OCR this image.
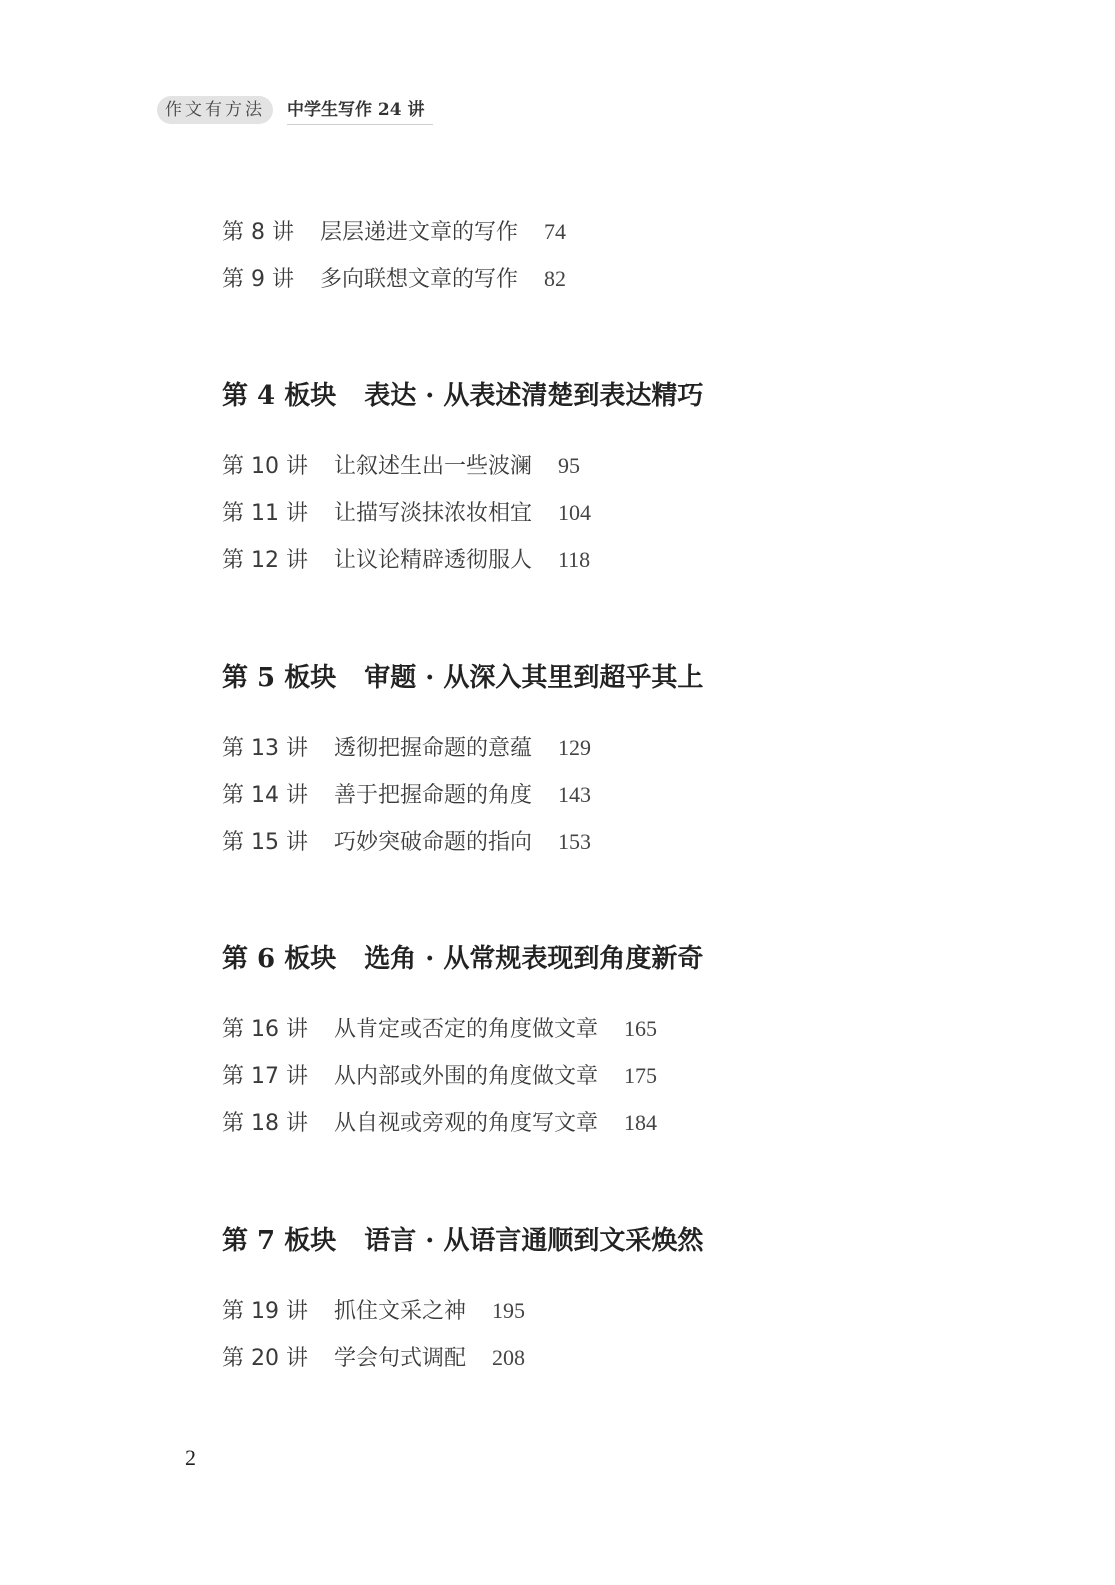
作文有方法	中学生写作 24 讲
第 8 讲 层层递进文章的写作 74
第 9 讲 多向联想文章的写作 82
第 4 板块 表达 · 从表述清楚到表达精巧
第 10 讲 让叙述生出一些波澜 95
第 11 讲 让描写淡抹浓妆相宜 104
第 12 讲 让议论精辟透彻服人 118
第 5 板块 审题 · 从深入其里到超乎其上
第 13 讲 透彻把握命题的意蕴 129
第 14 讲 善于把握命题的角度 143
第 15 讲 巧妙突破命题的指向 153
第 6 板块 选角 · 从常规表现到角度新奇
第 16 讲 从肯定或否定的角度做文章 165
第 17 讲 从内部或外围的角度做文章 175
第 18 讲 从自视或旁观的角度写文章 184
第 7 板块 语言 · 从语言通顺到文采焕然
第 19 讲 抓住文采之神 195
第 20 讲 学会句式调配 208
2
